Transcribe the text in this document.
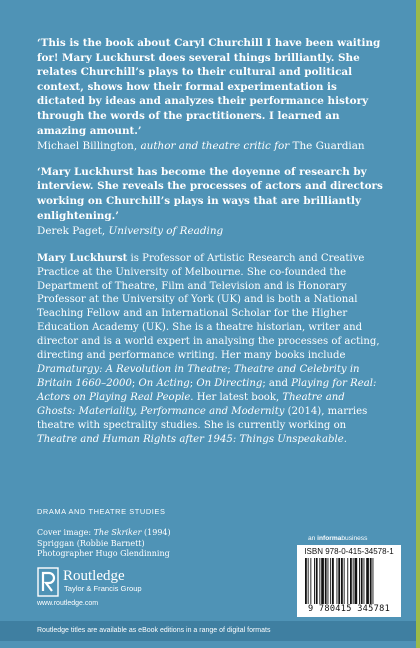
‘This is the book about Caryl Churchill I have been waiting for! Mary Luckhurst does several things brilliantly. She relates Churchill’s plays to their cultural and political context, shows how their formal experimentation is dictated by ideas and analyzes their performance history through the words of the practitioners. I learned an amazing amount.’

Michael Billington, author and theatre critic for The Guardian

‘Mary Luckhurst has become the doyenne of research by interview. She reveals the processes of actors and directors working on Churchill’s plays in ways that are brilliantly enlightening.’

Derek Paget, University of Reading

Mary Luckhurst is Professor of Artistic Research and Creative Practice at the University of Melbourne. She co-founded the Department of Theatre, Film and Television and is Honorary Professor at the University of York (UK) and is both a National Teaching Fellow and an International Scholar for the Higher Education Academy (UK). She is a theatre historian, writer and director and is a world expert in analysing the processes of acting, directing and performance writing. Her many books include Dramaturgy: A Revolution in Theatre; Theatre and Celebrity in Britain 1660–2000; On Acting; On Directing; and Playing for Real: Actors on Playing Real People. Her latest book, Theatre and Ghosts: Materiality, Performance and Modernity (2014), marries theatre with spectrality studies. She is currently working on Theatre and Human Rights after 1945: Things Unspeakable.

DRAMA AND THEATRE STUDIES
Cover image: The Skriker (1994)
Spriggan (Robbie Barnett)
Photographer Hugo Glendinning
Routledge
Taylor & Francis Group
www.routledge.com
an informabusiness
ISBN 978-0-415-34578-1
9 780415 345781
Routledge titles are available as eBook editions in a range of digital formats
